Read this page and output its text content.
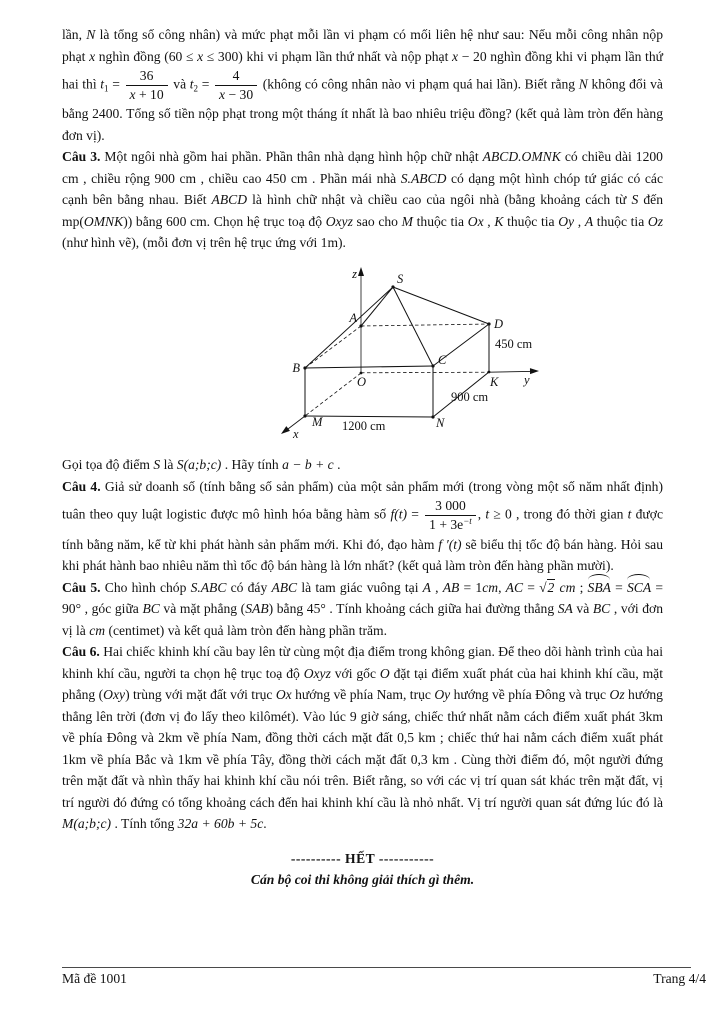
lần, N là tổng số công nhân) và mức phạt mỗi lần vi phạm có mối liên hệ như sau: Nếu mỗi công nhân nộp phạt x nghìn đồng (60 ≤ x ≤ 300) khi vi phạm lần thứ nhất và nộp phạt x − 20 nghìn đồng khi vi phạm lần thứ hai thì $t_1 = \frac{36}{x + 10}$ và $t_2 = \frac{4}{x - 30}$ (không có công nhân nào vi phạm quá hai lần). Biết rằng N không đổi và bằng 2400. Tổng số tiền nộp phạt trong một tháng ít nhất là bao nhiêu triệu đồng? (kết quả làm tròn đến hàng đơn vị).

Câu 3. Một ngôi nhà gồm hai phần. Phần thân nhà dạng hình hộp chữ nhật ABCD.OMNK có chiều dài 1200 cm , chiều rộng 900 cm , chiều cao 450 cm . Phần mái nhà S.ABCD có dạng một hình chóp tứ giác có các cạnh bên bằng nhau. Biết ABCD là hình chữ nhật và chiều cao của ngôi nhà (bằng khoảng cách từ S đến mp(OMNK)) bằng 600 cm. Chọn hệ trục toạ độ Oxyz sao cho M thuộc tia Ox , K thuộc tia Oy , A thuộc tia Oz (như hình vẽ), (mỗi đơn vị trên hệ trục ứng với 1m).

z	S
A	D
B
C
O	K y
M	N
x
450 cm
900 cm
1200 cm

Gọi tọa độ điểm S là S(a;b;c) . Hãy tính a − b + c .

Câu 4. Giả sử doanh số (tính bằng số sản phẩm) của một sản phẩm mới (trong vòng một số năm nhất định) tuân theo quy luật logistic được mô hình hóa bằng hàm số $f(t) = \frac{3 000}{1 + 3e^{-t}}$ , t ≥ 0 , trong đó thời gian t được tính bằng năm, kể từ khi phát hành sản phẩm mới. Khi đó, đạo hàm f ′(t) sẽ biểu thị tốc độ bán hàng. Hỏi sau khi phát hành bao nhiêu năm thì tốc độ bán hàng là lớn nhất? (kết quả làm tròn đến hàng phần mười).

Câu 5. Cho hình chóp S.ABC có đáy ABC là tam giác vuông tại A , AB = 1cm, AC = √2 cm ; SBA = SCA = 90° , góc giữa BC và mặt phẳng (SAB) bằng 45° . Tính khoảng cách giữa hai đường thẳng SA và BC , với đơn vị là cm (centimet) và kết quả làm tròn đến hàng phần trăm.

Câu 6. Hai chiếc khinh khí cầu bay lên từ cùng một địa điểm trong không gian. Để theo dõi hành trình của hai khinh khí cầu, người ta chọn hệ trục toạ độ Oxyz với gốc O đặt tại điểm xuất phát của hai khinh khí cầu, mặt phẳng (Oxy) trùng với mặt đất với trục Ox hướng về phía Nam, trục Oy hướng về phía Đông và trục Oz hướng thẳng lên trời (đơn vị đo lấy theo kilômét). Vào lúc 9 giờ sáng, chiếc thứ nhất nằm cách điểm xuất phát 3km về phía Đông và 2km về phía Nam, đồng thời cách mặt đất 0,5 km ; chiếc thứ hai nằm cách điểm xuất phát 1km về phía Bắc và 1km về phía Tây, đồng thời cách mặt đất 0,3 km . Cùng thời điểm đó, một người đứng trên mặt đất và nhìn thấy hai khinh khí cầu nói trên. Biết rằng, so với các vị trí quan sát khác trên mặt đất, vị trí người đó đứng có tổng khoảng cách đến hai khinh khí cầu là nhỏ nhất. Vị trí người quan sát đứng lúc đó là M(a;b;c) . Tính tổng 32a + 60b + 5c.

---------- HẾT -----------

Cán bộ coi thi không giải thích gì thêm.

Mã đề 1001	Trang 4/4
